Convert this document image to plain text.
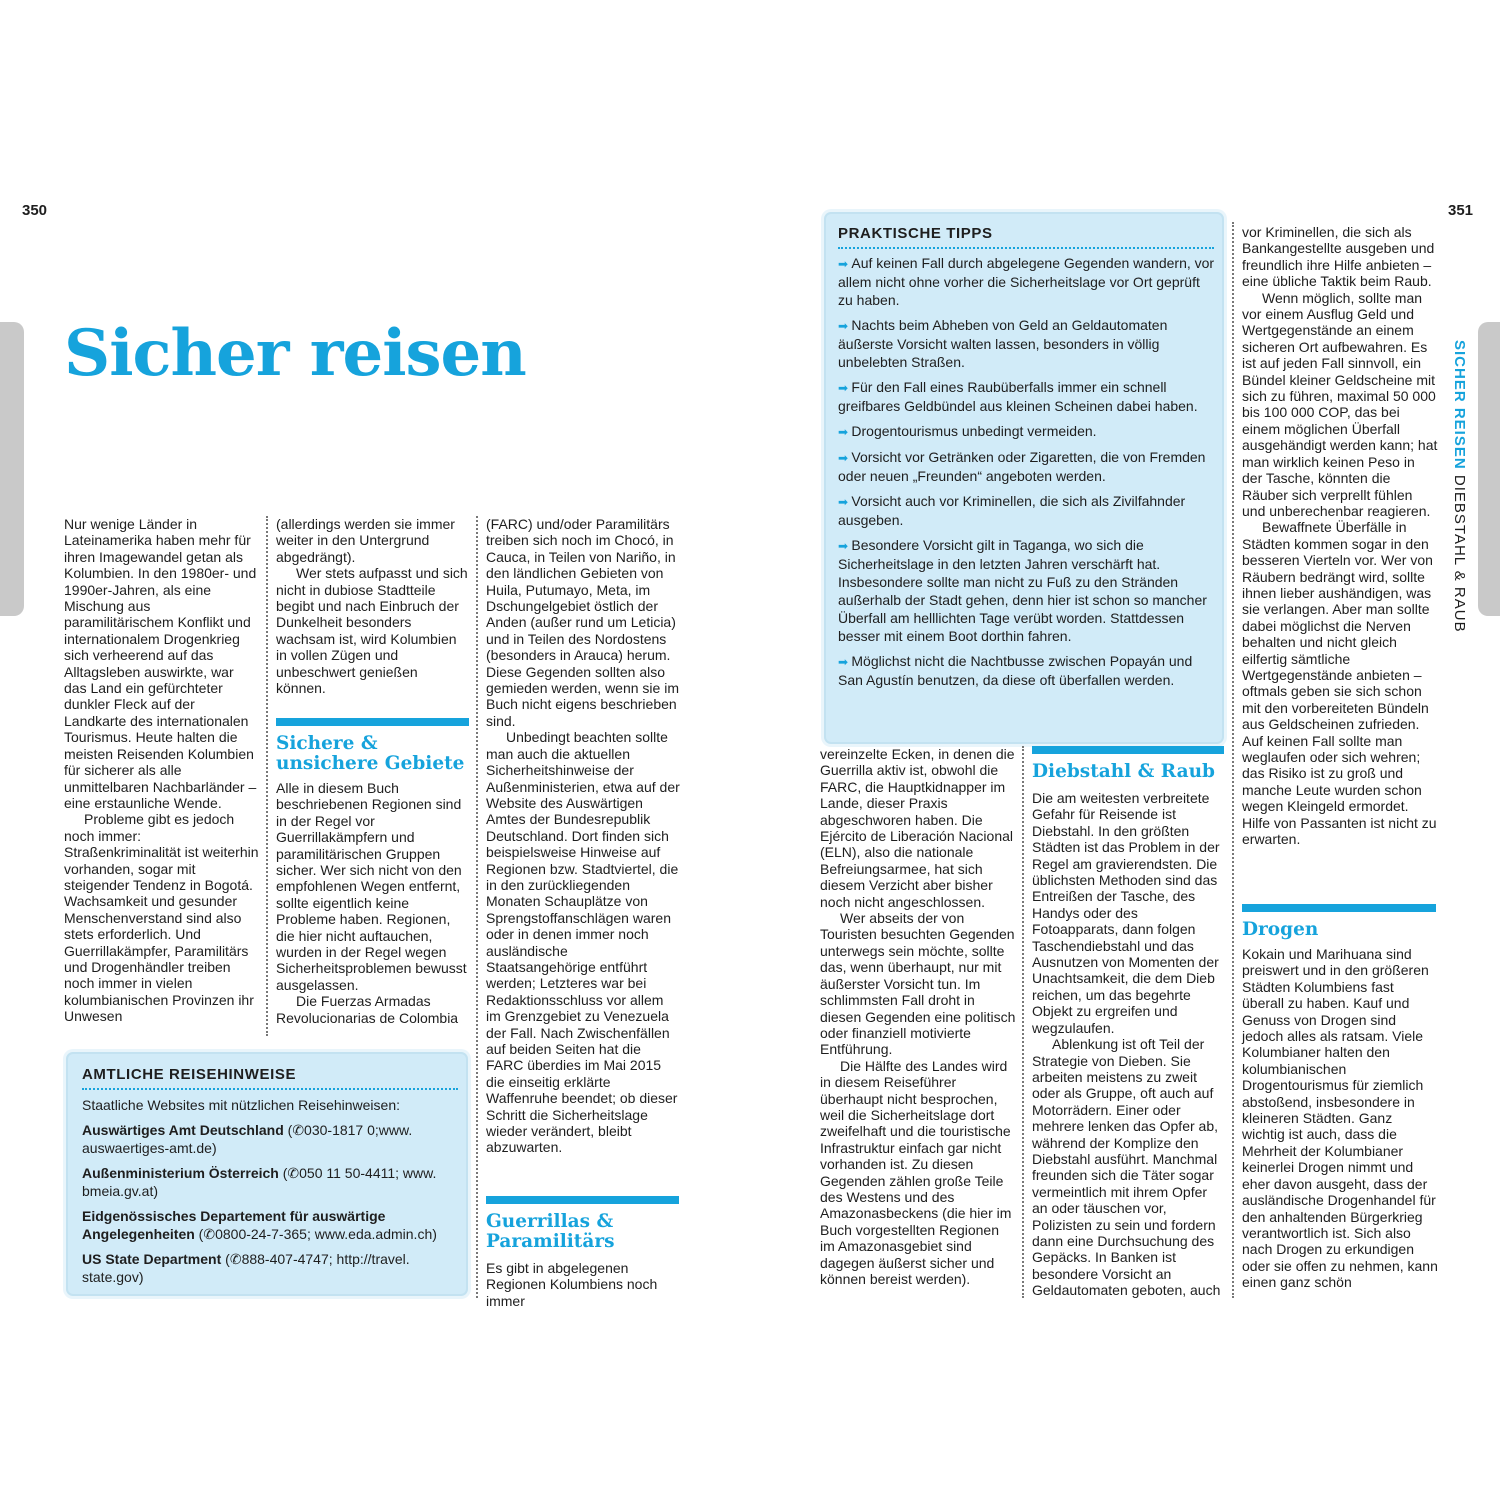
350
Sicher reisen

Nur wenige Länder in Lateinamerika haben mehr für ihren Imagewandel getan als Kolumbien. In den 1980er- und 1990er-Jahren, als eine Mischung aus paramilitärischem Konflikt und internationalem Drogenkrieg sich verheerend auf das Alltagsleben auswirkte, war das Land ein gefürchteter dunkler Fleck auf der Landkarte des internationalen Tourismus. Heute halten die meisten Reisenden Kolumbien für sicherer als alle unmittelbaren Nachbarländer – eine erstaunliche Wende.

Probleme gibt es jedoch noch immer: Straßenkriminalität ist weiterhin vorhanden, sogar mit steigender Tendenz in Bogotá. Wachsamkeit und gesunder Menschenverstand sind also stets erforderlich. Und Guerrillakämpfer, Paramilitärs und Drogenhändler treiben noch immer in vielen kolumbianischen Provinzen ihr Unwesen

(allerdings werden sie immer weiter in den Untergrund abgedrängt).

Wer stets aufpasst und sich nicht in dubiose Stadtteile begibt und nach Einbruch der Dunkelheit besonders wachsam ist, wird Kolumbien in vollen Zügen und unbeschwert genießen können.

Sichere & unsichere Gebiete

Alle in diesem Buch beschriebenen Regionen sind in der Regel vor Guerrillakämpfern und paramilitärischen Gruppen sicher. Wer sich nicht von den empfohlenen Wegen entfernt, sollte eigentlich keine Probleme haben. Regionen, die hier nicht auftauchen, wurden in der Regel wegen Sicherheitsproblemen bewusst ausgelassen.

Die Fuerzas Armadas Revolucionarias de Colombia

(FARC) und/oder Paramilitärs treiben sich noch im Chocó, in Cauca, in Teilen von Nariño, in den ländlichen Gebieten von Huila, Putumayo, Meta, im Dschungelgebiet östlich der Anden (außer rund um Leticia) und in Teilen des Nordostens (besonders in Arauca) herum. Diese Gegenden sollten also gemieden werden, wenn sie im Buch nicht eigens beschrieben sind.

Unbedingt beachten sollte man auch die aktuellen Sicherheitshinweise der Außenministerien, etwa auf der Website des Auswärtigen Amtes der Bundesrepublik Deutschland. Dort finden sich beispielsweise Hinweise auf Regionen bzw. Stadtviertel, die in den zurückliegenden Monaten Schauplätze von Sprengstoffanschlägen waren oder in denen immer noch ausländische Staatsangehörige entführt werden; Letzteres war bei Redaktionsschluss vor allem im Grenzgebiet zu Venezuela der Fall. Nach Zwischenfällen auf beiden Seiten hat die FARC überdies im Mai 2015 die einseitig erklärte Waffenruhe beendet; ob dieser Schritt die Sicherheitslage wieder verändert, bleibt abzuwarten.

Guerrillas & Paramilitärs

Es gibt in abgelegenen Regionen Kolumbiens noch immer

AMTLICHE REISEHINWEISE
Staatliche Websites mit nützlichen Reisehinweisen:
Auswärtiges Amt Deutschland (✆030-1817 0;www. auswaertiges-amt.de)
Außenministerium Österreich (✆050 11 50-4411; www. bmeia.gv.at)
Eidgenössisches Departement für auswärtige Angelegenheiten (✆0800-24-7-365; www.eda.admin.ch)
US State Department (✆888-407-4747; http://travel. state.gov)
351
SICHER REISEN DIEBSTAHL & RAUB
PRAKTISCHE TIPPS
➡ Auf keinen Fall durch abgelegene Gegenden wandern, vor allem nicht ohne vorher die Sicherheitslage vor Ort geprüft zu haben.
➡ Nachts beim Abheben von Geld an Geldautomaten äußerste Vorsicht walten lassen, besonders in völlig unbelebten Straßen.
➡ Für den Fall eines Raubüberfalls immer ein schnell greifbares Geldbündel aus kleinen Scheinen dabei haben.
➡ Drogentourismus unbedingt vermeiden.
➡ Vorsicht vor Getränken oder Zigaretten, die von Fremden oder neuen „Freunden“ angeboten werden.
➡ Vorsicht auch vor Kriminellen, die sich als Zivilfahnder ausgeben.
➡ Besondere Vorsicht gilt in Taganga, wo sich die Sicherheitslage in den letzten Jahren verschärft hat. Insbesondere sollte man nicht zu Fuß zu den Stränden außerhalb der Stadt gehen, denn hier ist schon so mancher Überfall am helllichten Tage verübt worden. Stattdessen besser mit einem Boot dorthin fahren.
➡ Möglichst nicht die Nachtbusse zwischen Popayán und San Agustín benutzen, da diese oft überfallen werden.

vereinzelte Ecken, in denen die Guerrilla aktiv ist, obwohl die FARC, die Hauptkidnapper im Lande, dieser Praxis abgeschworen haben. Die Ejército de Liberación Nacional (ELN), also die nationale Befreiungsarmee, hat sich diesem Verzicht aber bisher noch nicht angeschlossen.

Wer abseits der von Touristen besuchten Gegenden unterwegs sein möchte, sollte das, wenn überhaupt, nur mit äußerster Vorsicht tun. Im schlimmsten Fall droht in diesen Gegenden eine politisch oder finanziell motivierte Entführung.

Die Hälfte des Landes wird in diesem Reiseführer überhaupt nicht besprochen, weil die Sicherheitslage dort zweifelhaft und die touristische Infrastruktur einfach gar nicht vorhanden ist. Zu diesen Gegenden zählen große Teile des Westens und des Amazonasbeckens (die hier im Buch vorgestellten Regionen im Amazonasgebiet sind dagegen äußerst sicher und können bereist werden).

Diebstahl & Raub

Die am weitesten verbreitete Gefahr für Reisende ist Diebstahl. In den größten Städten ist das Problem in der Regel am gravierendsten. Die üblichsten Methoden sind das Entreißen der Tasche, des Handys oder des Fotoapparats, dann folgen Taschendiebstahl und das Ausnutzen von Momenten der Unachtsamkeit, die dem Dieb reichen, um das begehrte Objekt zu ergreifen und wegzulaufen.

Ablenkung ist oft Teil der Strategie von Dieben. Sie arbeiten meistens zu zweit oder als Gruppe, oft auch auf Motorrädern. Einer oder mehrere lenken das Opfer ab, während der Komplize den Diebstahl ausführt. Manchmal freunden sich die Täter sogar vermeintlich mit ihrem Opfer an oder täuschen vor, Polizisten zu sein und fordern dann eine Durchsuchung des Gepäcks. In Banken ist besondere Vorsicht an Geldautomaten geboten, auch

vor Kriminellen, die sich als Bankangestellte ausgeben und freundlich ihre Hilfe anbieten – eine übliche Taktik beim Raub.

Wenn möglich, sollte man vor einem Ausflug Geld und Wertgegenstände an einem sicheren Ort aufbewahren. Es ist auf jeden Fall sinnvoll, ein Bündel kleiner Geldscheine mit sich zu führen, maximal 50 000 bis 100 000 COP, das bei einem möglichen Überfall ausgehändigt werden kann; hat man wirklich keinen Peso in der Tasche, könnten die Räuber sich verprellt fühlen und unberechenbar reagieren.

Bewaffnete Überfälle in Städten kommen sogar in den besseren Vierteln vor. Wer von Räubern bedrängt wird, sollte ihnen lieber aushändigen, was sie verlangen. Aber man sollte dabei möglichst die Nerven behalten und nicht gleich eilfertig sämtliche Wertgegenstände anbieten – oftmals geben sie sich schon mit den vorbereiteten Bündeln aus Geldscheinen zufrieden. Auf keinen Fall sollte man weglaufen oder sich wehren; das Risiko ist zu groß und manche Leute wurden schon wegen Kleingeld ermordet. Hilfe von Passanten ist nicht zu erwarten.

Drogen

Kokain und Marihuana sind preiswert und in den größeren Städten Kolumbiens fast überall zu haben. Kauf und Genuss von Drogen sind jedoch alles als ratsam. Viele Kolumbianer halten den kolumbianischen Drogentourismus für ziemlich abstoßend, insbesondere in kleineren Städten. Ganz wichtig ist auch, dass die Mehrheit der Kolumbianer keinerlei Drogen nimmt und eher davon ausgeht, dass der ausländische Drogenhandel für den anhaltenden Bürgerkrieg verantwortlich ist. Sich also nach Drogen zu erkundigen oder sie offen zu nehmen, kann einen ganz schön
